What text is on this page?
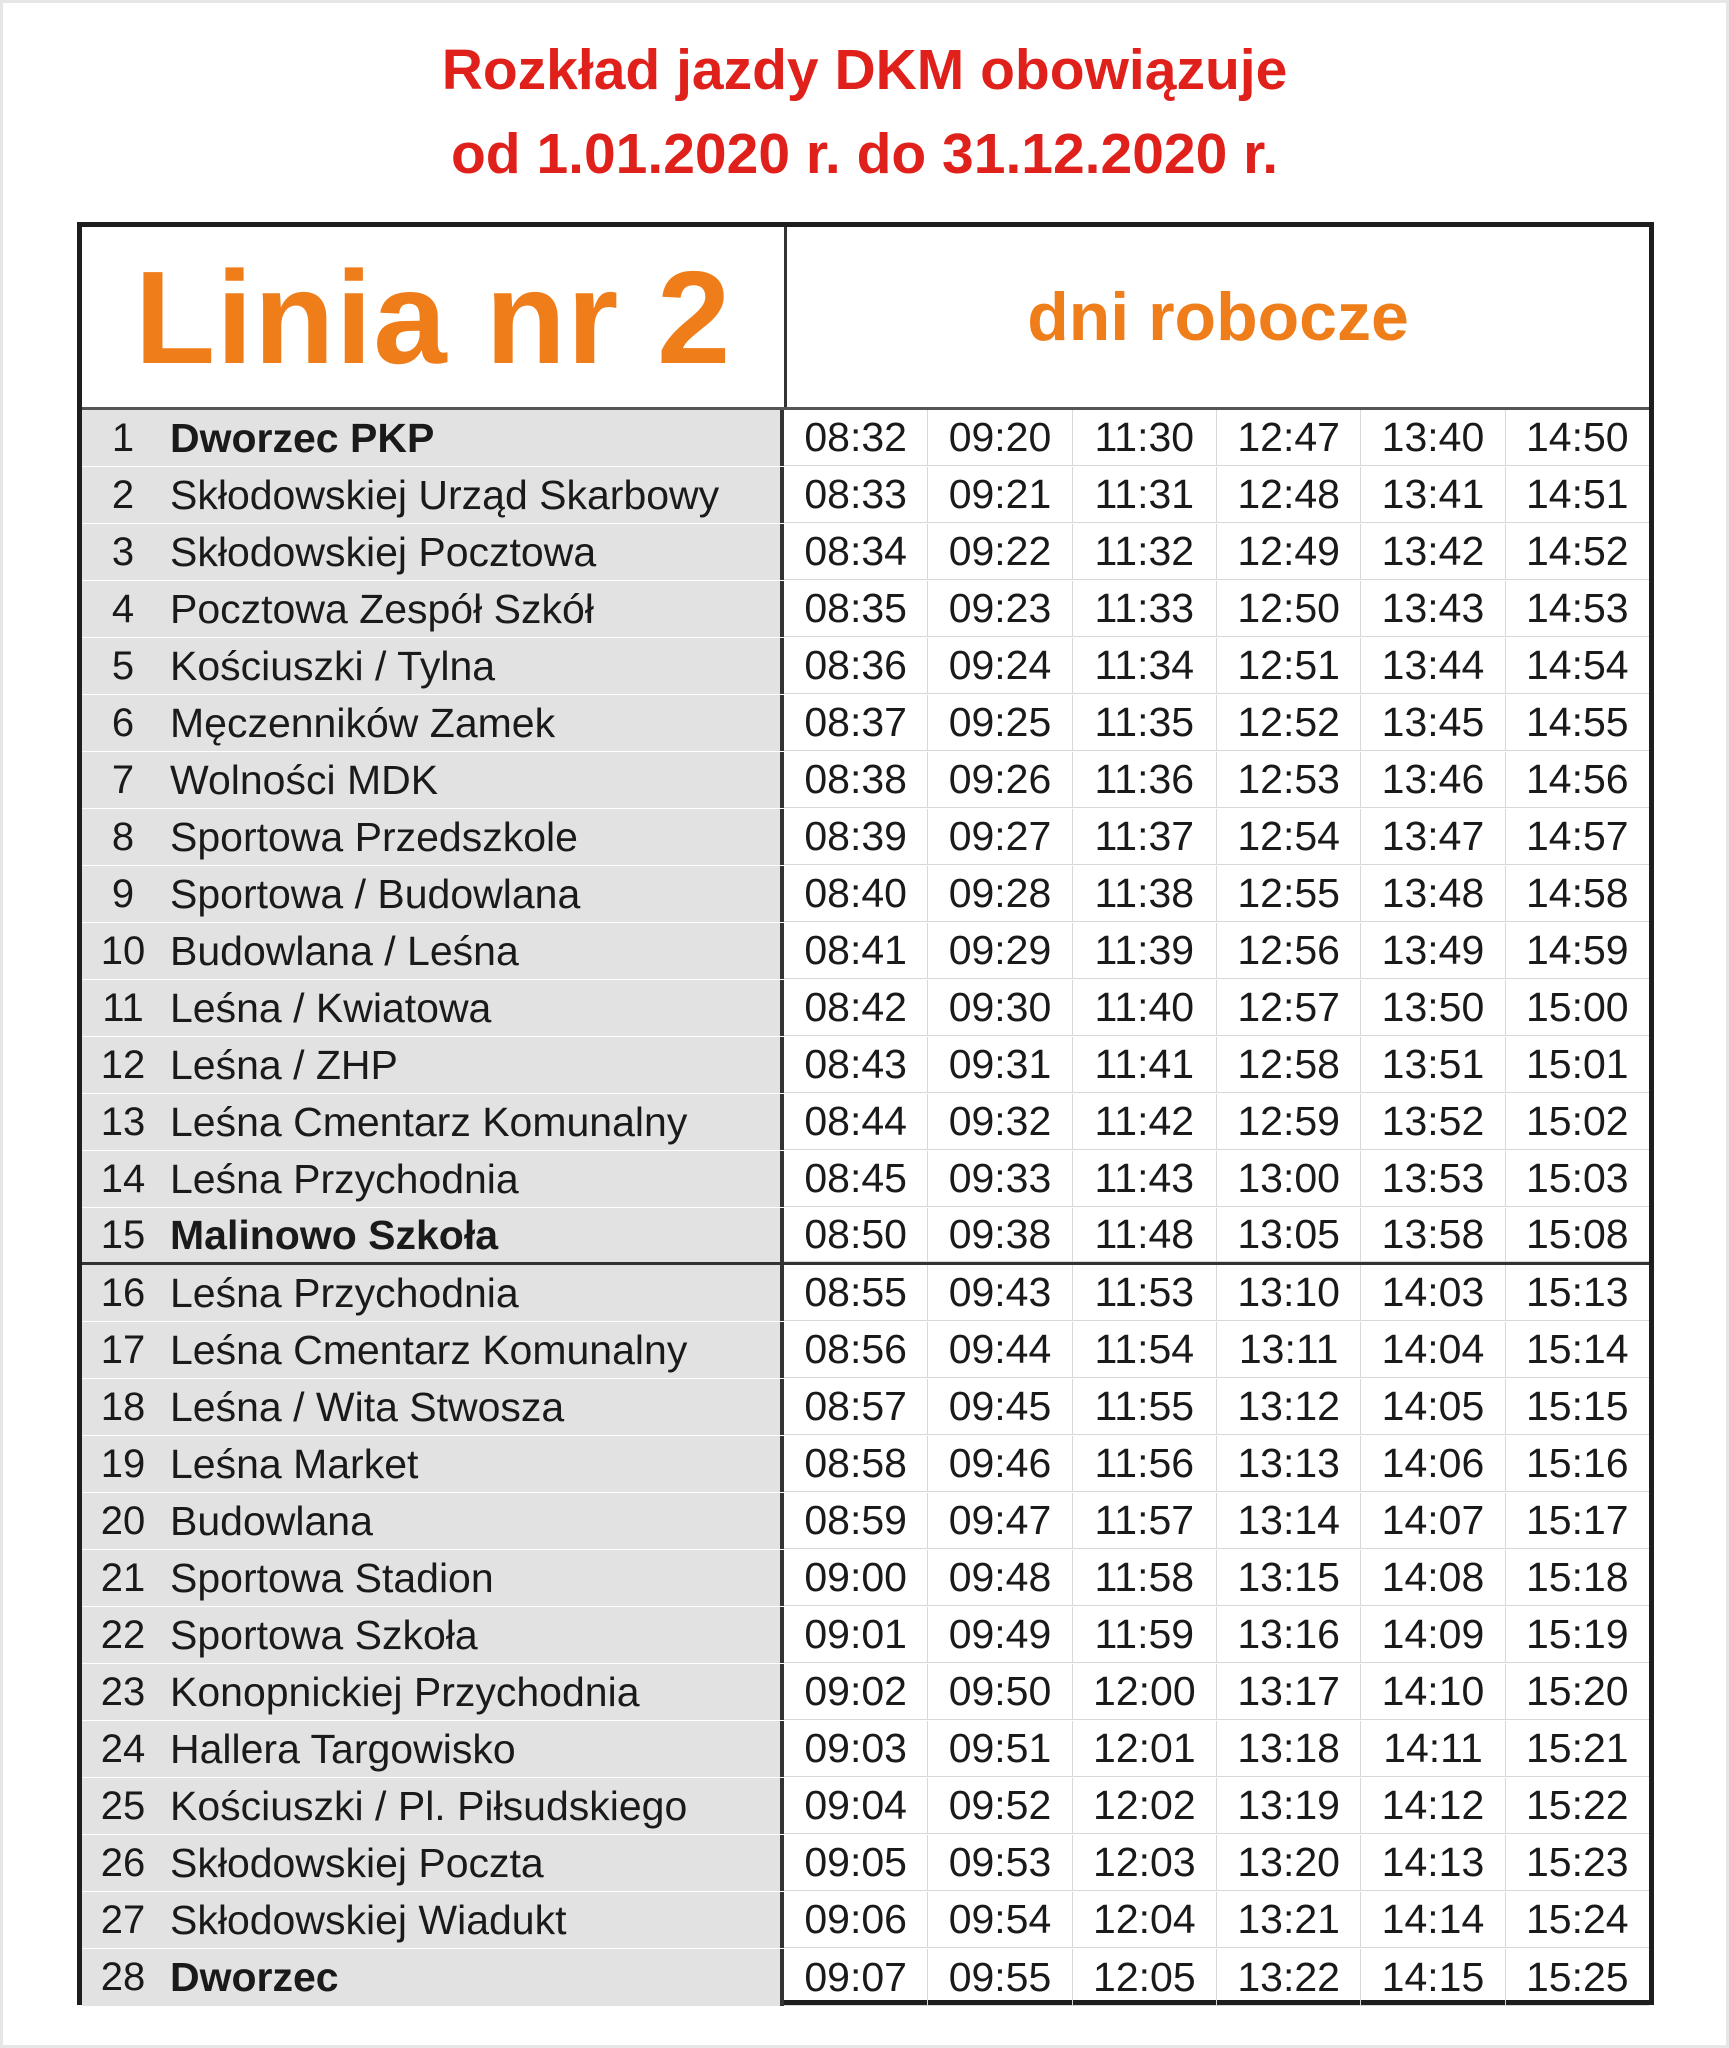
Rozkład jazdy DKM obowiązuje
od 1.01.2020 r. do 31.12.2020 r.
Linia nr 2	dni robocze
1 Dworzec PKP	08:32	09:20	11:30	12:47	13:40	14:50
2 Skłodowskiej Urząd Skarbowy	08:33	09:21	11:31	12:48	13:41	14:51
3 Skłodowskiej Pocztowa	08:34	09:22	11:32	12:49	13:42	14:52
4 Pocztowa Zespół Szkół	08:35	09:23	11:33	12:50	13:43	14:53
5 Kościuszki / Tylna	08:36	09:24	11:34	12:51	13:44	14:54
6 Męczenników Zamek	08:37	09:25	11:35	12:52	13:45	14:55
7 Wolności MDK	08:38	09:26	11:36	12:53	13:46	14:56
8 Sportowa Przedszkole	08:39	09:27	11:37	12:54	13:47	14:57
9 Sportowa / Budowlana	08:40	09:28	11:38	12:55	13:48	14:58
10 Budowlana / Leśna	08:41	09:29	11:39	12:56	13:49	14:59
11 Leśna / Kwiatowa	08:42	09:30	11:40	12:57	13:50	15:00
12 Leśna / ZHP	08:43	09:31	11:41	12:58	13:51	15:01
13 Leśna Cmentarz Komunalny	08:44	09:32	11:42	12:59	13:52	15:02
14 Leśna Przychodnia	08:45	09:33	11:43	13:00	13:53	15:03
15 Malinowo Szkoła	08:50	09:38	11:48	13:05	13:58	15:08
16 Leśna Przychodnia	08:55	09:43	11:53	13:10	14:03	15:13
17 Leśna Cmentarz Komunalny	08:56	09:44	11:54	13:11	14:04	15:14
18 Leśna / Wita Stwosza	08:57	09:45	11:55	13:12	14:05	15:15
19 Leśna Market	08:58	09:46	11:56	13:13	14:06	15:16
20 Budowlana	08:59	09:47	11:57	13:14	14:07	15:17
21 Sportowa Stadion	09:00	09:48	11:58	13:15	14:08	15:18
22 Sportowa Szkoła	09:01	09:49	11:59	13:16	14:09	15:19
23 Konopnickiej Przychodnia	09:02	09:50	12:00	13:17	14:10	15:20
24 Hallera Targowisko	09:03	09:51	12:01	13:18	14:11	15:21
25 Kościuszki / Pl. Piłsudskiego	09:04	09:52	12:02	13:19	14:12	15:22
26 Skłodowskiej Poczta	09:05	09:53	12:03	13:20	14:13	15:23
27 Skłodowskiej Wiadukt	09:06	09:54	12:04	13:21	14:14	15:24
28 Dworzec	09:07	09:55	12:05	13:22	14:15	15:25
